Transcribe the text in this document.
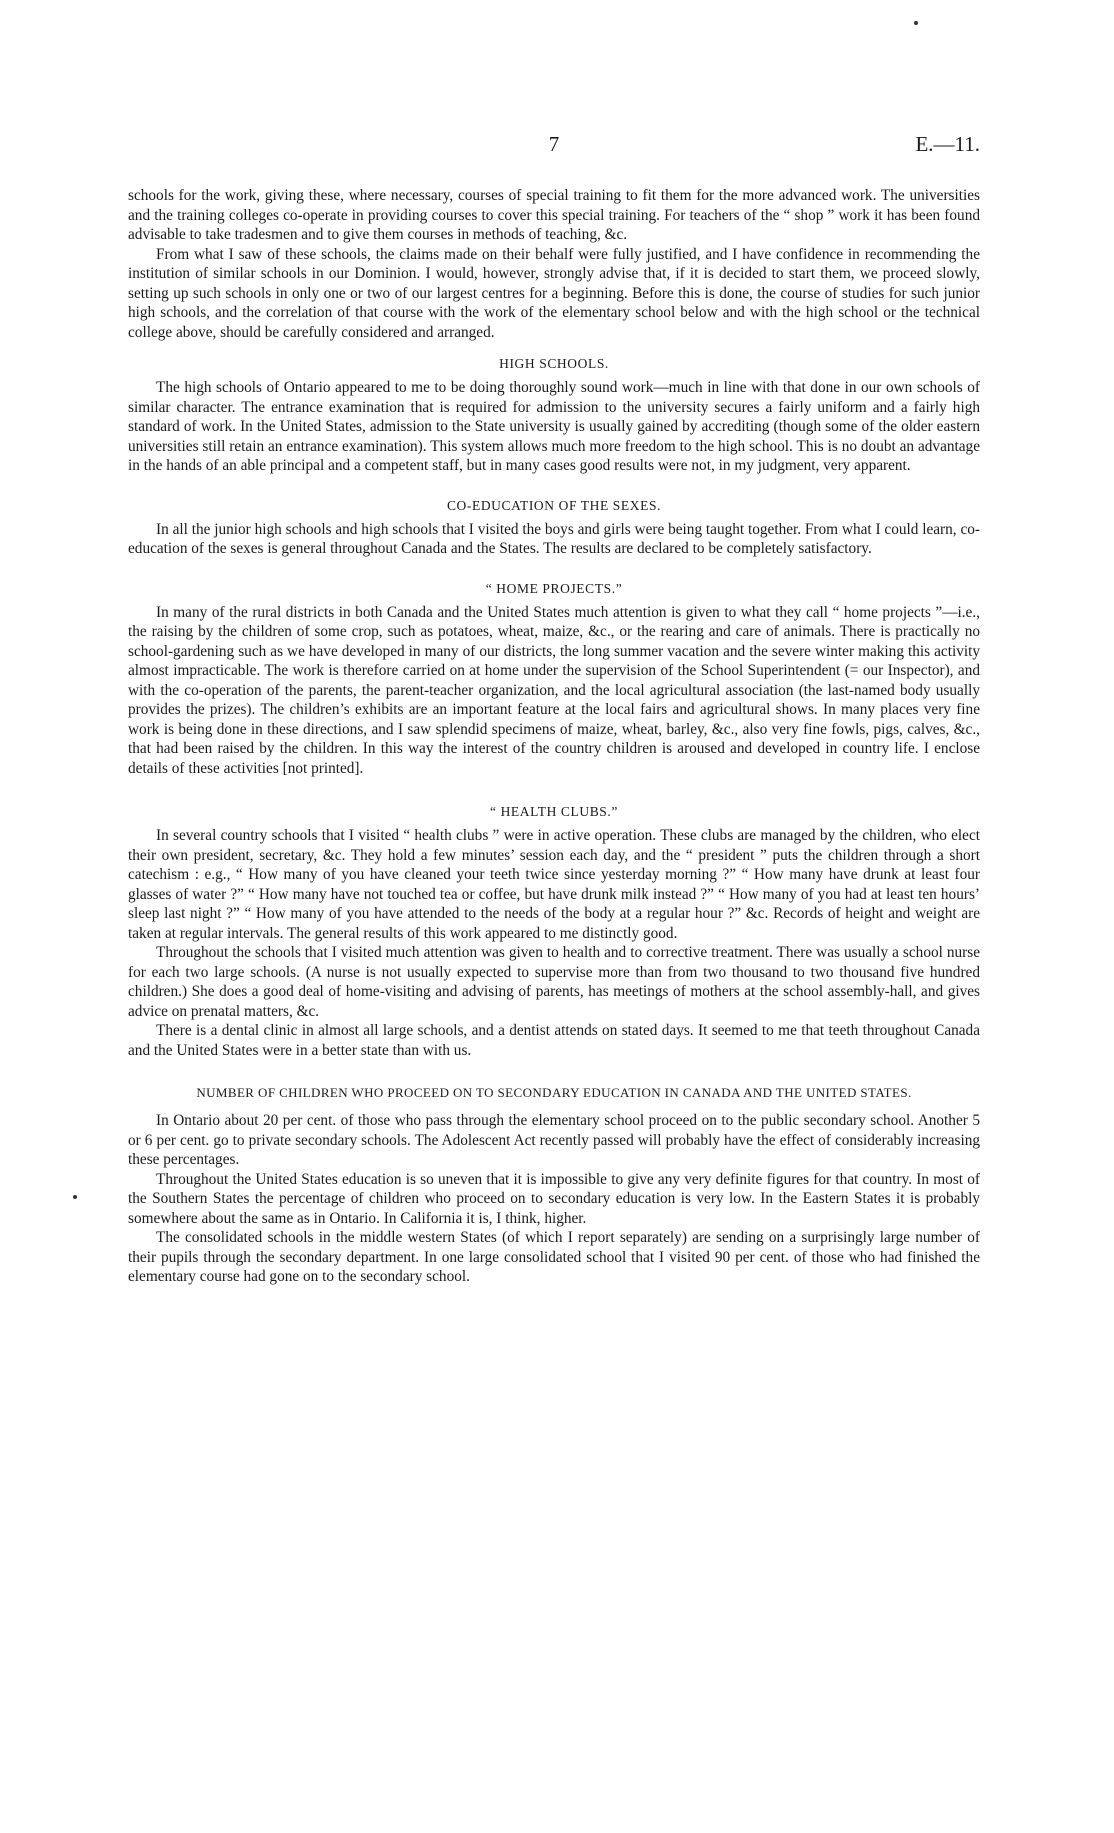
7	E.—11.

schools for the work, giving these, where necessary, courses of special training to fit them for the more advanced work. The universities and the training colleges co-operate in providing courses to cover this special training. For teachers of the “ shop ” work it has been found advisable to take tradesmen and to give them courses in methods of teaching, &c.

From what I saw of these schools, the claims made on their behalf were fully justified, and I have confidence in recommending the institution of similar schools in our Dominion. I would, however, strongly advise that, if it is decided to start them, we proceed slowly, setting up such schools in only one or two of our largest centres for a beginning. Before this is done, the course of studies for such junior high schools, and the correlation of that course with the work of the elementary school below and with the high school or the technical college above, should be carefully considered and arranged.

HIGH SCHOOLS.

The high schools of Ontario appeared to me to be doing thoroughly sound work—much in line with that done in our own schools of similar character. The entrance examination that is required for admission to the university secures a fairly uniform and a fairly high standard of work. In the United States, admission to the State university is usually gained by accrediting (though some of the older eastern universities still retain an entrance examination). This system allows much more freedom to the high school. This is no doubt an advantage in the hands of an able principal and a competent staff, but in many cases good results were not, in my judgment, very apparent.

CO-EDUCATION OF THE SEXES.

In all the junior high schools and high schools that I visited the boys and girls were being taught together. From what I could learn, co-education of the sexes is general throughout Canada and the States. The results are declared to be completely satisfactory.

“ HOME PROJECTS.”

In many of the rural districts in both Canada and the United States much attention is given to what they call “ home projects ”—i.e., the raising by the children of some crop, such as potatoes, wheat, maize, &c., or the rearing and care of animals. There is practically no school-gardening such as we have developed in many of our districts, the long summer vacation and the severe winter making this activity almost impracticable. The work is therefore carried on at home under the supervision of the School Superintendent (= our Inspector), and with the co-operation of the parents, the parent-teacher organization, and the local agricultural association (the last-named body usually provides the prizes). The children’s exhibits are an important feature at the local fairs and agricultural shows. In many places very fine work is being done in these directions, and I saw splendid specimens of maize, wheat, barley, &c., also very fine fowls, pigs, calves, &c., that had been raised by the children. In this way the interest of the country children is aroused and developed in country life. I enclose details of these activities [not printed].

“ HEALTH CLUBS.”

In several country schools that I visited “ health clubs ” were in active operation. These clubs are managed by the children, who elect their own president, secretary, &c. They hold a few minutes’ session each day, and the “ president ” puts the children through a short catechism : e.g., “ How many of you have cleaned your teeth twice since yesterday morning ?” “ How many have drunk at least four glasses of water ?” “ How many have not touched tea or coffee, but have drunk milk instead ?” “ How many of you had at least ten hours’ sleep last night ?” “ How many of you have attended to the needs of the body at a regular hour ?” &c. Records of height and weight are taken at regular intervals. The general results of this work appeared to me distinctly good.

Throughout the schools that I visited much attention was given to health and to corrective treatment. There was usually a school nurse for each two large schools. (A nurse is not usually expected to supervise more than from two thousand to two thousand five hundred children.) She does a good deal of home-visiting and advising of parents, has meetings of mothers at the school assembly-hall, and gives advice on prenatal matters, &c.

There is a dental clinic in almost all large schools, and a dentist attends on stated days. It seemed to me that teeth throughout Canada and the United States were in a better state than with us.

NUMBER OF CHILDREN WHO PROCEED ON TO SECONDARY EDUCATION IN CANADA AND THE UNITED STATES.

In Ontario about 20 per cent. of those who pass through the elementary school proceed on to the public secondary school. Another 5 or 6 per cent. go to private secondary schools. The Adolescent Act recently passed will probably have the effect of considerably increasing these percentages.

Throughout the United States education is so uneven that it is impossible to give any very definite figures for that country. In most of the Southern States the percentage of children who proceed on to secondary education is very low. In the Eastern States it is probably somewhere about the same as in Ontario. In California it is, I think, higher.

The consolidated schools in the middle western States (of which I report separately) are sending on a surprisingly large number of their pupils through the secondary department. In one large consolidated school that I visited 90 per cent. of those who had finished the elementary course had gone on to the secondary school.
